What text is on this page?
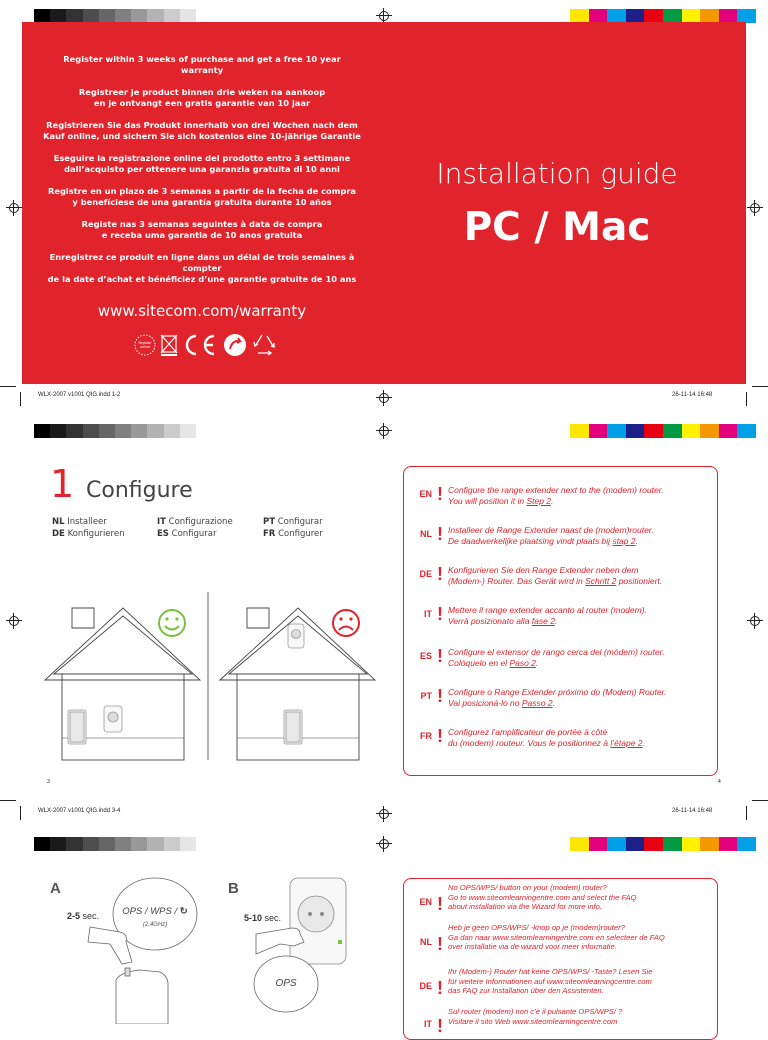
Register within 3 weeks of purchase and get a free 10 year warranty

Registreer je product binnen drie weken na aankoop
en je ontvangt een gratis garantie van 10 jaar

Registrieren Sie das Produkt innerhalb von drei Wochen nach dem
Kauf online, und sichern Sie sich kostenlos eine 10-jährige Garantie

Eseguire la registrazione online del prodotto entro 3 settimane
dall’acquisto per ottenere una garanzia gratuita di 10 anni

Registre en un plazo de 3 semanas a partir de la fecha de compra
y benefíciese de una garantía gratuita durante 10 años

Registe nas 3 semanas seguintes à data de compra
e receba uma garantia de 10 anos gratuita

Enregistrez ce produit en ligne dans un délai de trois semaines à compter
de la date d’achat et bénéficiez d’une garantie gratuite de 10 ans

www.sitecom.com/warranty
Register
online
Installation guide
PC / Mac
WLX-2007 v1001 QIG.indd 1-2	26-11-14 16:48
1 Configure
NL Installeer	IT Configurazione	PT Configurar
DE Konfigurieren	ES Configurar	FR Configurer
3	4
EN ! Configure the range extender next to the (modem) router.
You will position it in Step 2.
NL ! Installeer de Range Extender naast de (modem)router.
De daadwerkelijke plaatsing vindt plaats bij stap 2.
DE ! Konfigurieren Sie den Range Extender neben dem
(Modem-) Router. Das Gerät wird in Schritt 2 positioniert.
IT ! Mettere il range extender accanto al router (modem).
Verrà posizionato alla fase 2.
ES ! Configure el extensor de rango cerca del (módem) router.
Colóquelo en el Paso 2.
PT ! Configure o Range Extender próximo do (Modem) Router.
Vai posicioná-lo no Passo 2.
FR ! Configurez l’amplificateur de portée à côté
du (modem) routeur. Vous le positionnez à l’étape 2.
WLX-2007 v1001 QIG.indd 3-4	26-11-14 16:48
A	B
2-5 sec.	5-10 sec.
OPS / WPS / ↻
(2.4GHz)
OPS
EN !
No OPS/WPS/ button on your (modem) router?
Go to www.siteomlearningentre.com and select the FAQ
about installation via the Wizard for more info.
NL !
Heb je geen OPS/WPS/ -knop op je (modem)router?
Ga dan naar www.siteomlearningentre.com en selecteer de FAQ
over installatie via de wizard voor meer informatie.
DE !
Ihr (Modem-) Router hat keine OPS/WPS/ -Taste? Lesen Sie
für weitere Informationen auf www.siteomlearningcentre.com
das FAQ zur Installation über den Assistenten.
IT !
Sul router (modem) non c’è il pulsante OPS/WPS/ ?
Visitare il sito Web www.siteomlearningcentre.com
